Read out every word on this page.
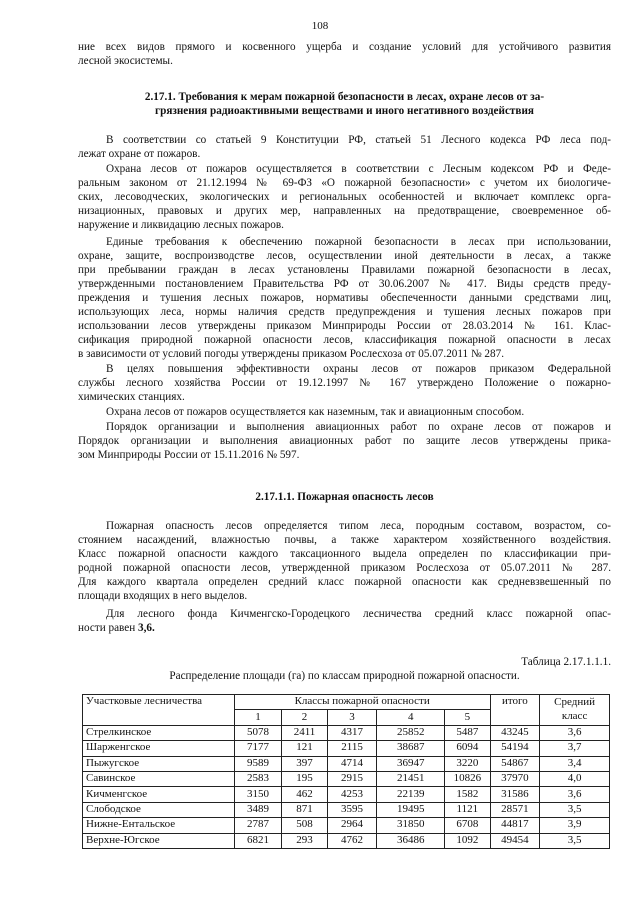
108
ние всех видов прямого и косвенного ущерба и создание условий для устойчивого развития
лесной экосистемы.
2.17.1. Требования к мерам пожарной безопасности в лесах, охране лесов от за-
грязнения радиоактивными веществами и иного негативного воздействия
В соответствии со статьей 9 Конституции РФ, статьей 51 Лесного кодекса РФ леса под-
лежат охране от пожаров.
Охрана лесов от пожаров осуществляется в соответствии с Лесным кодексом РФ и Феде-
ральным законом от 21.12.1994 № 69-ФЗ «О пожарной безопасности» с учетом их биологиче-
ских, лесоводческих, экологических и региональных особенностей и включает комплекс орга-
низационных, правовых и других мер, направленных на предотвращение, своевременное об-
наружение и ликвидацию лесных пожаров.
Единые требования к обеспечению пожарной безопасности в лесах при использовании,
охране, защите, воспроизводстве лесов, осуществлении иной деятельности в лесах, а также
при пребывании граждан в лесах установлены Правилами пожарной безопасности в лесах,
утвержденными постановлением Правительства РФ от 30.06.2007 № 417. Виды средств преду-
преждения и тушения лесных пожаров, нормативы обеспеченности данными средствами лиц,
использующих леса, нормы наличия средств предупреждения и тушения лесных пожаров при
использовании лесов утверждены приказом Минприроды России от 28.03.2014 № 161. Клас-
сификация природной пожарной опасности лесов, классификация пожарной опасности в лесах
в зависимости от условий погоды утверждены приказом Рослесхоза от 05.07.2011 № 287.
В целях повышения эффективности охраны лесов от пожаров приказом Федеральной
службы лесного хозяйства России от 19.12.1997 № 167 утверждено Положение о пожарно-
химических станциях.
Охрана лесов от пожаров осуществляется как наземным, так и авиационным способом.
Порядок организации и выполнения авиационных работ по охране лесов от пожаров и
Порядок организации и выполнения авиационных работ по защите лесов утверждены прика-
зом Минприроды России от 15.11.2016 № 597.
2.17.1.1. Пожарная опасность лесов
Пожарная опасность лесов определяется типом леса, породным составом, возрастом, со-
стоянием насаждений, влажностью почвы, а также характером хозяйственного воздействия.
Класс пожарной опасности каждого таксационного выдела определен по классификации при-
родной пожарной опасности лесов, утвержденной приказом Рослесхоза от 05.07.2011 № 287.
Для каждого квартала определен средний класс пожарной опасности как средневзвешенный по
площади входящих в него выделов.
Для лесного фонда Кичменгско-Городецкого лесничества средний класс пожарной опас-
ности равен 3,6.
Таблица 2.17.1.1.1.
Распределение площади (га) по классам природной пожарной опасности.
Участковые лесничества	Классы пожарной опасности					итого	Средний класс
	1	2	3	4	5		
Стрелкинское	5078	2411	4317	25852	5487	43245	3,6
Шарженгское	7177	121	2115	38687	6094	54194	3,7
Пыжугское	9589	397	4714	36947	3220	54867	3,4
Савинское	2583	195	2915	21451	10826	37970	4,0
Кичменгское	3150	462	4253	22139	1582	31586	3,6
Слободское	3489	871	3595	19495	1121	28571	3,5
Нижне-Ентальское	2787	508	2964	31850	6708	44817	3,9
Верхне-Югское	6821	293	4762	36486	1092	49454	3,5
